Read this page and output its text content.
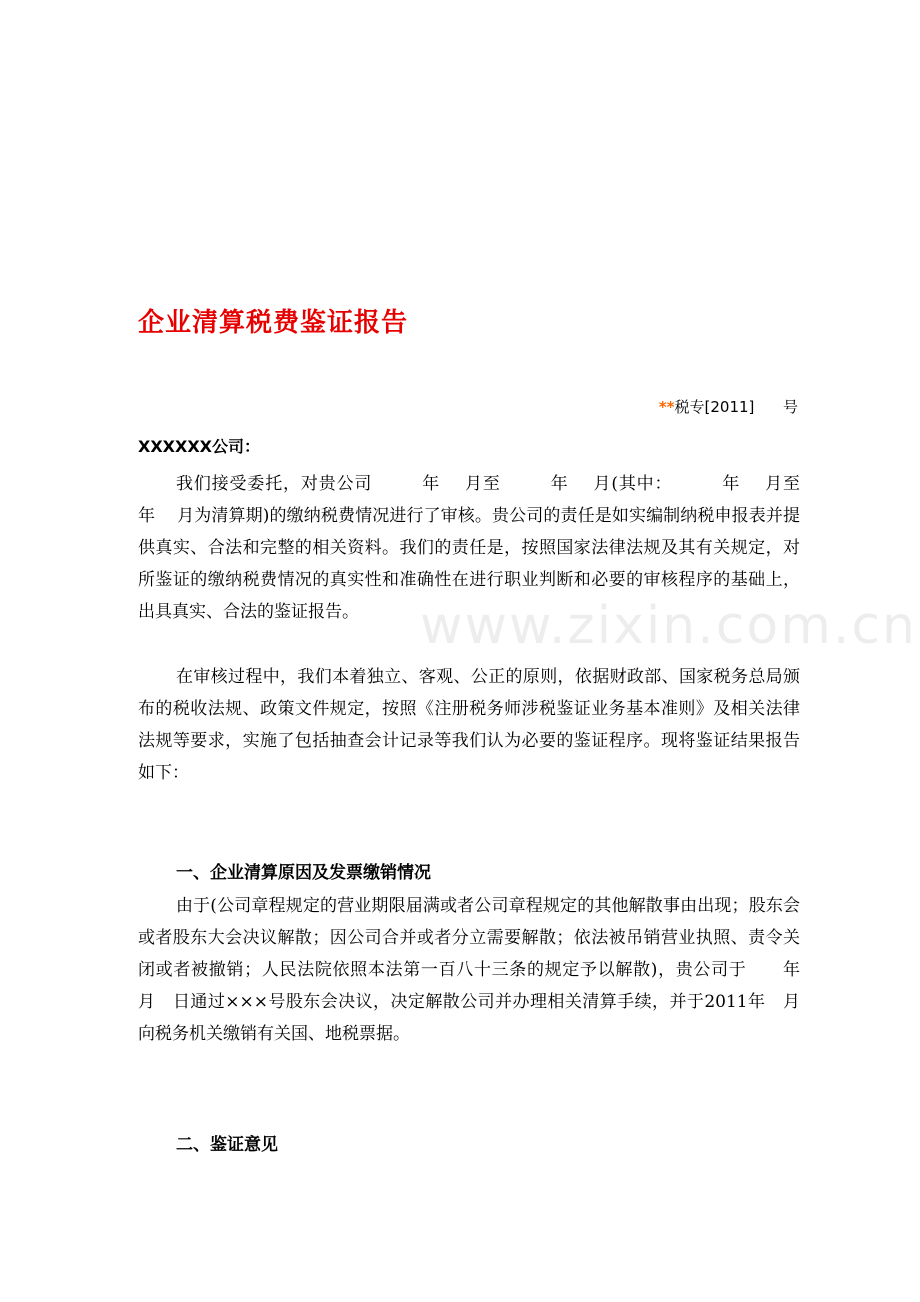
企业清算税费鉴证报告
**税专[2011]      号
XXXXXX公司：

我们接受委托，对贵公司        年    月至        年    月(其中：        年    月至        年    月为清算期)的缴纳税费情况进行了审核。贵公司的责任是如实编制纳税申报表并提供真实、合法和完整的相关资料。我们的责任是，按照国家法律法规及其有关规定，对所鉴证的缴纳税费情况的真实性和准确性在进行职业判断和必要的审核程序的基础上，出具真实、合法的鉴证报告。

在审核过程中，我们本着独立、客观、公正的原则，依据财政部、国家税务总局颁布的税收法规、政策文件规定，按照《注册税务师涉税鉴证业务基本准则》及相关法律法规等要求，实施了包括抽查会计记录等我们认为必要的鉴证程序。现将鉴证结果报告如下：

一、企业清算原因及发票缴销情况

由于(公司章程规定的营业期限届满或者公司章程规定的其他解散事由出现；股东会或者股东大会决议解散；因公司合并或者分立需要解散；依法被吊销营业执照、责令关闭或者被撤销；人民法院依照本法第一百八十三条的规定予以解散)，贵公司于      年   月   日通过×××号股东会决议，决定解散公司并办理相关清算手续，并于2011年   月向税务机关缴销有关国、地税票据。

二、鉴证意见
www.zixin.com.cn
